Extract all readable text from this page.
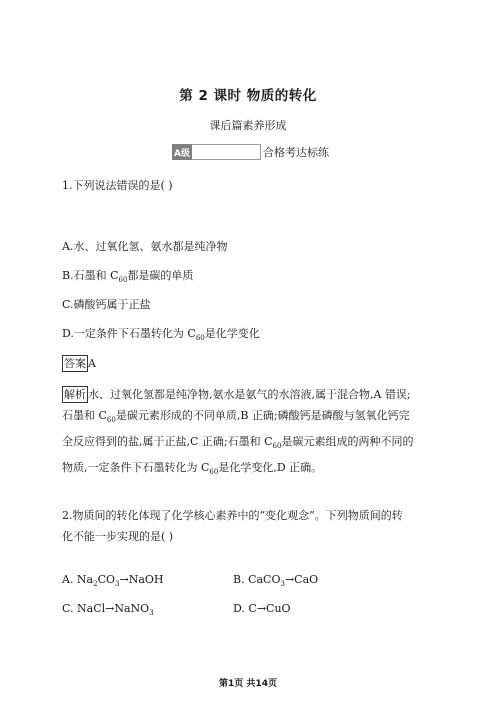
第 2 课时 物质的转化
课后篇素养形成
A级	合格考达标练
1.下列说法错误的是( )
A.水、过氧化氢、氨水都是纯净物
B.石墨和 $C_{60}$都是碳的单质
C.磷酸钙属于正盐
D.一定条件下石墨转化为 $C_{60}$是化学变化
答案 A
解析 水、过氧化氢都是纯净物,氨水是氨气的水溶液,属于混合物,A 错误;
石墨和 $C_{60}$是碳元素形成的不同单质,B 正确;磷酸钙是磷酸与氢氧化钙完
全反应得到的盐,属于正盐,C 正确;石墨和 $C_{60}$是碳元素组成的两种不同的
物质,一定条件下石墨转化为 $C_{60}$是化学变化,D 正确。
2.物质间的转化体现了化学核心素养中的“变化观念”。下列物质间的转
化不能一步实现的是( )
A. $Na_2CO_3\to NaOH$	B. CaCO$_3$→CaO
C. NaCl→NaNO$_3$	D. C→CuO
第1页 共14页
